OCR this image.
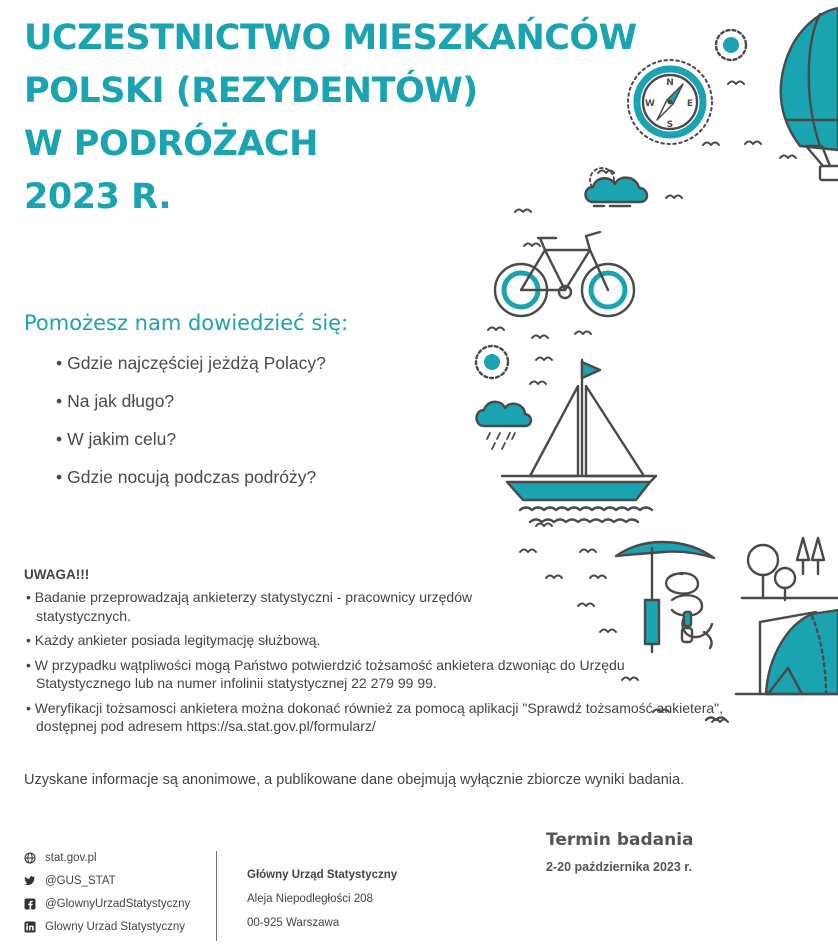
UCZESTNICTWO MIESZKAŃCÓW
POLSKI (REZYDENTÓW)
W PODRÓŻACH
2023 R.
Pomożesz nam dowiedzieć się:
• Gdzie najczęściej jeżdżą Polacy?
• Na jak długo?
• W jakim celu?
• Gdzie nocują podczas podróży?
UWAGA!!!
• Badanie przeprowadzają ankieterzy statystyczni - pracownicy urzędów statystycznych.
• Każdy ankieter posiada legitymację służbową.
• W przypadku wątpliwości mogą Państwo potwierdzić tożsamość ankietera dzwoniąc do Urzędu Statystycznego lub na numer infolinii statystycznej 22 279 99 99.
• Weryfikacji tożsamosci ankietera można dokonać również za pomocą aplikacji "Sprawdź tożsamość ankietera", dostępnej pod adresem https://sa.stat.gov.pl/formularz/
Uzyskane informacje są anonimowe, a publikowane dane obejmują wyłącznie zbiorcze wyniki badania.
Termin badania
2-20 października 2023 r.
stat.gov.pl
@GUS_STAT
@GlownyUrzadStatystyczny
Glowny Urzad Statystyczny
Główny Urząd Statystyczny
Aleja Niepodległości 208
00-925 Warszawa
N
E
S
W
